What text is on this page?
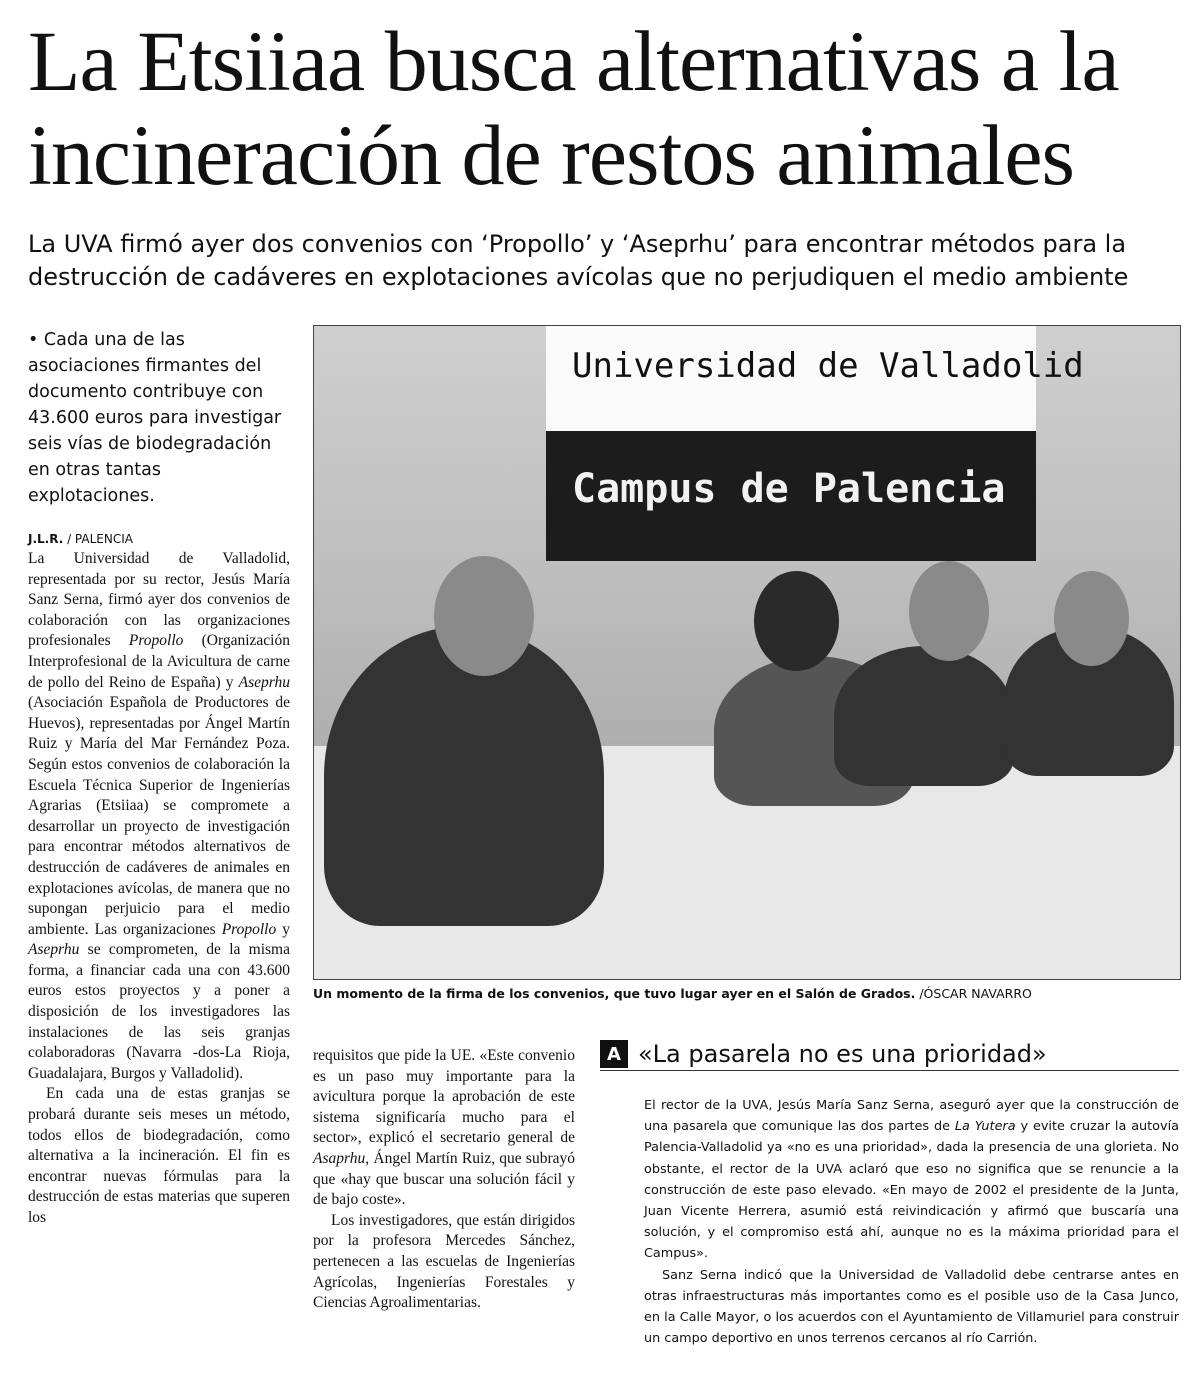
La Etsiiaa busca alternativas a la incineración de restos animales
La UVA firmó ayer dos convenios con ‘Propollo’ y ‘Aseprhu’ para encontrar métodos para la destrucción de cadáveres en explotaciones avícolas que no perjudiquen el medio ambiente

• Cada una de las asociaciones firmantes del documento contribuye con 43.600 euros para investigar seis vías de biodegradación en otras tantas explotaciones.

J.L.R. / PALENCIA

La Universidad de Valladolid, representada por su rector, Jesús María Sanz Serna, firmó ayer dos convenios de colaboración con las organizaciones profesionales Propollo (Organización Interprofesional de la Avicultura de carne de pollo del Reino de España) y Aseprhu (Asociación Española de Productores de Huevos), representadas por Ángel Martín Ruiz y María del Mar Fernández Poza. Según estos convenios de colaboración la Escuela Técnica Superior de Ingenierías Agrarias (Etsiiaa) se compromete a desarrollar un proyecto de investigación para encontrar métodos alternativos de destrucción de cadáveres de animales en explotaciones avícolas, de manera que no supongan perjuicio para el medio ambiente. Las organizaciones Propollo y Aseprhu se comprometen, de la misma forma, a financiar cada una con 43.600 euros estos proyectos y a poner a disposición de los investigadores las instalaciones de las seis granjas colaboradoras (Navarra -dos-La Rioja, Guadalajara, Burgos y Valladolid).

En cada una de estas granjas se probará durante seis meses un método, todos ellos de biodegradación, como alternativa a la incineración. El fin es encontrar nuevas fórmulas para la destrucción de estas materias que superen los

Universidad de Valladolid
Campus de Palencia
Un momento de la firma de los convenios, que tuvo lugar ayer en el Salón de Grados. /ÓSCAR NAVARRO

requisitos que pide la UE. «Este convenio es un paso muy importante para la avicultura porque la aprobación de este sistema significaría mucho para el sector», explicó el secretario general de Asaprhu, Ángel Martín Ruiz, que subrayó que «hay que buscar una solución fácil y de bajo coste».

Los investigadores, que están dirigidos por la profesora Mercedes Sánchez, pertenecen a las escuelas de Ingenierías Agrícolas, Ingenierías Forestales y Ciencias Agroalimentarias.

A «La pasarela no es una prioridad»

El rector de la UVA, Jesús María Sanz Serna, aseguró ayer que la construcción de una pasarela que comunique las dos partes de La Yutera y evite cruzar la autovía Palencia-Valladolid ya «no es una prioridad», dada la presencia de una glorieta. No obstante, el rector de la UVA aclaró que eso no significa que se renuncie a la construcción de este paso elevado. «En mayo de 2002 el presidente de la Junta, Juan Vicente Herrera, asumió está reivindicación y afirmó que buscaría una solución, y el compromiso está ahí, aunque no es la máxima prioridad para el Campus».

Sanz Serna indicó que la Universidad de Valladolid debe centrarse antes en otras infraestructuras más importantes como es el posible uso de la Casa Junco, en la Calle Mayor, o los acuerdos con el Ayuntamiento de Villamuriel para construir un campo deportivo en unos terrenos cercanos al río Carrión.
